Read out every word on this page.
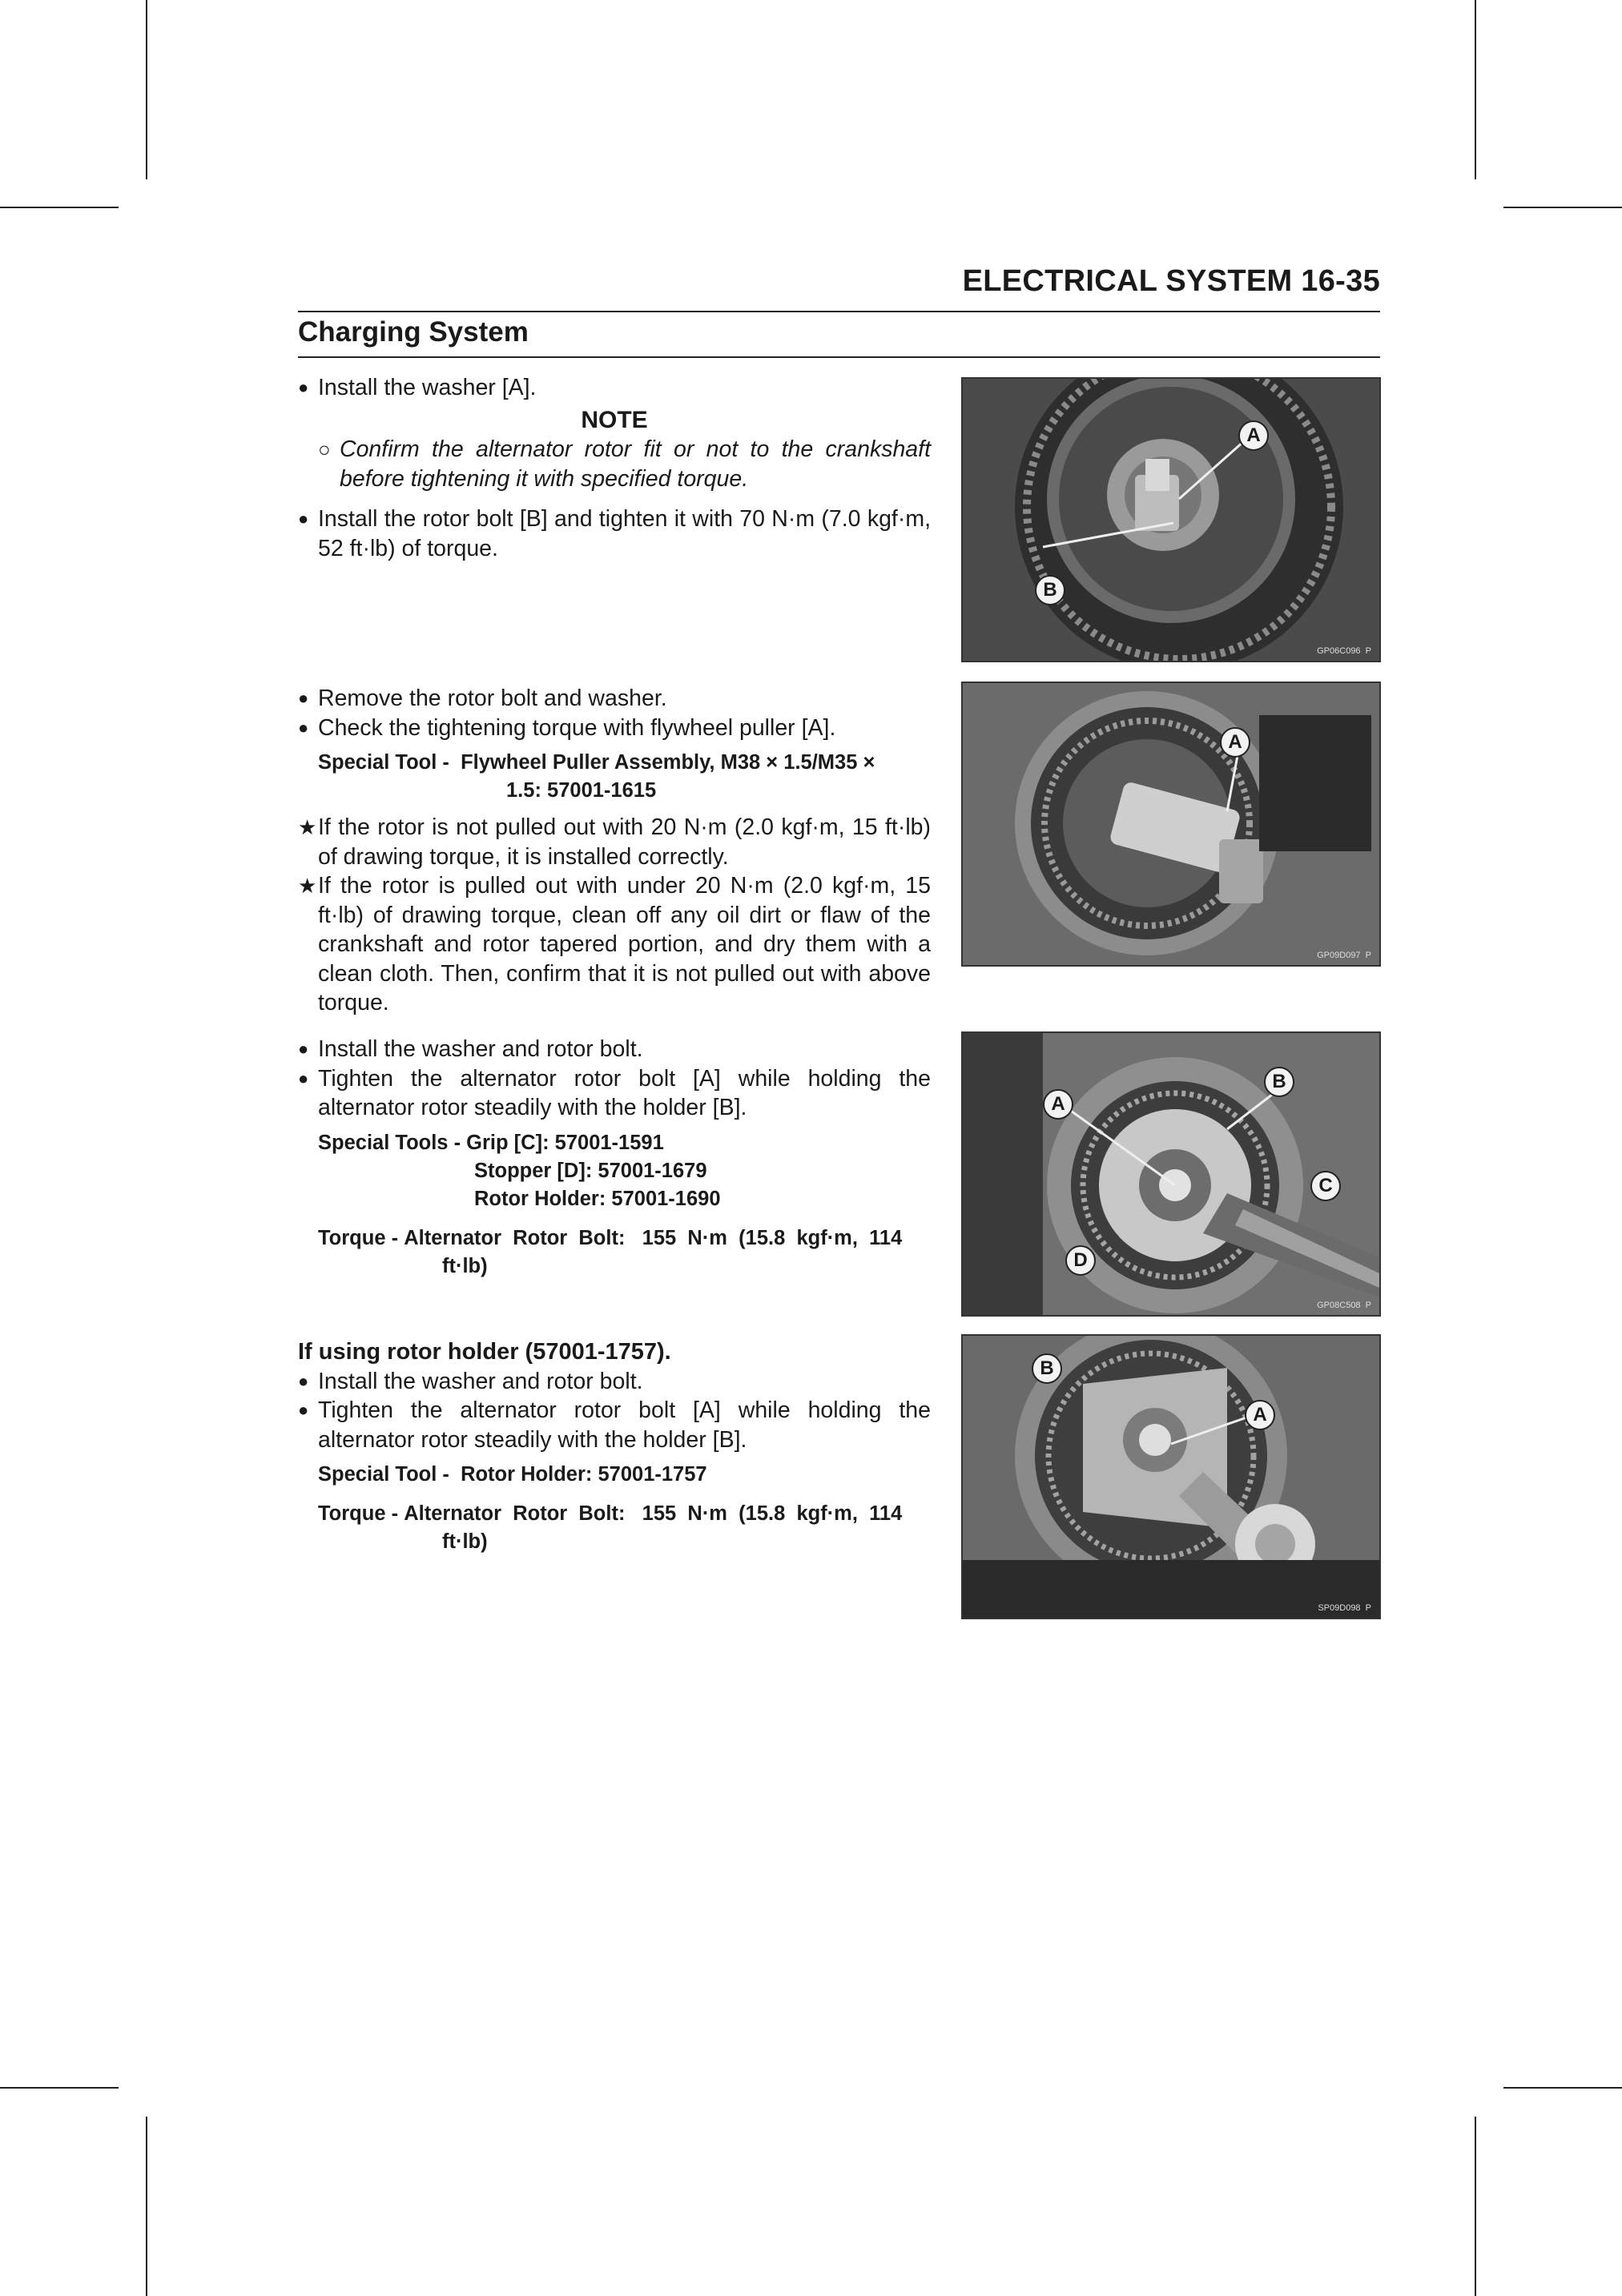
ELECTRICAL SYSTEM 16-35
Charging System
● Install the washer [A].
NOTE
○ Confirm the alternator rotor fit or not to the crankshaft before tightening it with specified torque.
● Install the rotor bolt [B] and tighten it with 70 N·m (7.0 kgf·m, 52 ft·lb) of torque.
● Remove the rotor bolt and washer.
● Check the tightening torque with flywheel puller [A].
Special Tool -
Flywheel Puller Assembly, M38 × 1.5/M35 ×
1.5: 57001-1615
★ If the rotor is not pulled out with 20 N·m (2.0 kgf·m, 15 ft·lb) of drawing torque, it is installed correctly.
★ If the rotor is pulled out with under 20 N·m (2.0 kgf·m, 15 ft·lb) of drawing torque, clean off any oil dirt or flaw of the crankshaft and rotor tapered portion, and dry them with a clean cloth. Then, confirm that it is not pulled out with above torque.
● Install the washer and rotor bolt.
● Tighten the alternator rotor bolt [A] while holding the alternator rotor steadily with the holder [B].
Special Tools -
Grip [C]: 57001-1591
Stopper [D]: 57001-1679
Rotor Holder: 57001-1690
Torque -
Alternator  Rotor  Bolt:   155  N·m  (15.8  kgf·m,  114
ft·lb)
If using rotor holder (57001-1757).
● Install the washer and rotor bolt.
● Tighten the alternator rotor bolt [A] while holding the alternator rotor steadily with the holder [B].
Special Tool -
Rotor Holder: 57001-1757
Torque -
Alternator  Rotor  Bolt:   155  N·m  (15.8  kgf·m,  114
ft·lb)
A
B
GP06C096  P
A
GP09D097  P
A
B
C
D
GP08C508  P
B
A
SP09D098  P
